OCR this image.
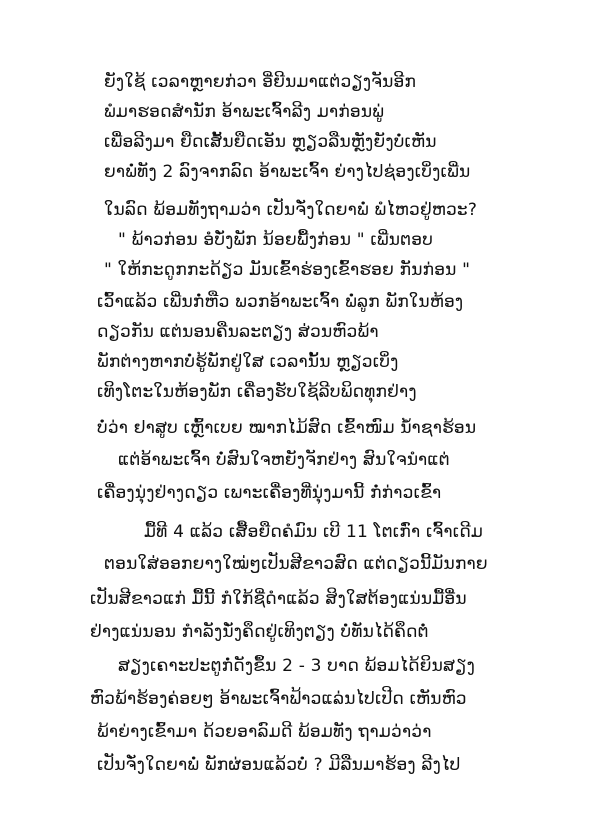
ຍັງໃຊ້ ເວລາຫຼາຍກ່ວາ ອີ່ຍີນມາແຕ່ວຽງຈັນອີກ
ພໍມາຮອດສຳນັກ ອ້າພະເຈົ້າລີງ ມາກ່ອນພູ່
ເພື່ອລີງມາ ຍືດເສັ້ນຍືດເອັນ ຫຼຽວລືນຫຼັງຍັງບໍ່ເຫັນ
ຍາພໍ່ທັງ 2 ລົງຈາກລົດ ອ້າພະເຈົ້າ ຍ່າງໄປຊ່ອງເບິ່ງເພີ່ນ
ໃນລົດ ພ້ອມທັງຖາມວ່າ ເປັນຈັ່ງໃດຍາພໍ່ ພໍໄຫວຢູ່ຫວະ?
" ພ້າວກ່ອນ ອໍບັ່ງພັກ ນ້ອຍພື້ງກ່ອນ " ເພີ່ນຕອບ
" ໃຫ້ກະດູກກະດ້ຽວ ມັນເຂົ້າຮ່ອງເຂົ້າຮອຍ ກັນກ່ອນ "
ເວົ້າແລ້ວ ເພີ່ນກໍ່ຫືວ ພວກອ້າພະເຈົ້າ ພໍ່ລູກ ພັກໃນຫ້ອງ
ດຽວກັນ ແຕ່ນອນຄືນລະຕຽງ ສ່ວນຫົວພ້າ
ພັກຕ່າງຫາກບໍ່ຮູ້ພັກຢູ່ໃສ ເວລານັ້ນ ຫຼຽວເບິ່ງ
ເທິງໂຕະໃນຫ້ອງພັກ ເຄື່ອງຮັບໃຊ້ລີບພິດທຸກຢ່າງ
ບໍ່ວ່າ ຢາສູບ ເຫຼົ້າເບຍ ໝາກໄມ້ສົດ ເຂົ້າໜົມ ນ້ຳຊາຮ້ອນ
ແຕ່ອ້າພະເຈົ້າ ບໍ່ສົນໃຈຫຍັງຈັກຢ່າງ ສົນໃຈນຳແຕ່
ເຄື່ອງນຸ່ງຢ່າງດຽວ ເພາະເຄື່ອງທີ່ນຸ່ງມານີ້ ກໍ່ກ່າວເຂົ້າ
ມື້ທີ 4 ແລ້ວ ເສື້ອຍືດຄໍມົນ ເບີ 11 ໂຕເກົ່າ ເຈົ້າເດີມ
ຕອນໃສ່ອອກຍາງໃໝ່ໆເປັນສີຂາວສົດ ແຕ່ດຽວນີ້ມັນກາຍ
ເປັນສີຂາວແກ່ ມື້ນີ້ ກໍໃກ້ຊີ່ດໍາແລ້ວ ສິງໃສຕ້ອງແນ່ນມື້ອື່ນ
ຢ່າງແນ່ນອນ ກໍາລັງນັ່ງຄຶດຢູ່ເທິງຕຽງ ບໍ່ທັນໄດ້ຄຶດຕໍ່
ສຽງເຄາະປະຕູກໍ່ດັງຂຶ້ນ 2 - 3 ບາດ ພ້ອມໄດ້ຍິນສຽງ
ຫົວພ້າຮ້ອງຄ່ອຍໆ ອ້າພະເຈົ້າຟ້າວແລ່ນໄປເປີດ ເຫັນຫົວ
ພ້າຍ່າງເຂົ້າມາ ດ້ວຍອາລົມດີ ພ້ອມທັງ ຖາມວ່າວ່າ
ເປັນຈັ່ງໃດຍາພໍ່ ພັກຜ່ອນແລ້ວບໍ່ ? ມີລືນມາຮ້ອງ ລີງໄປ
